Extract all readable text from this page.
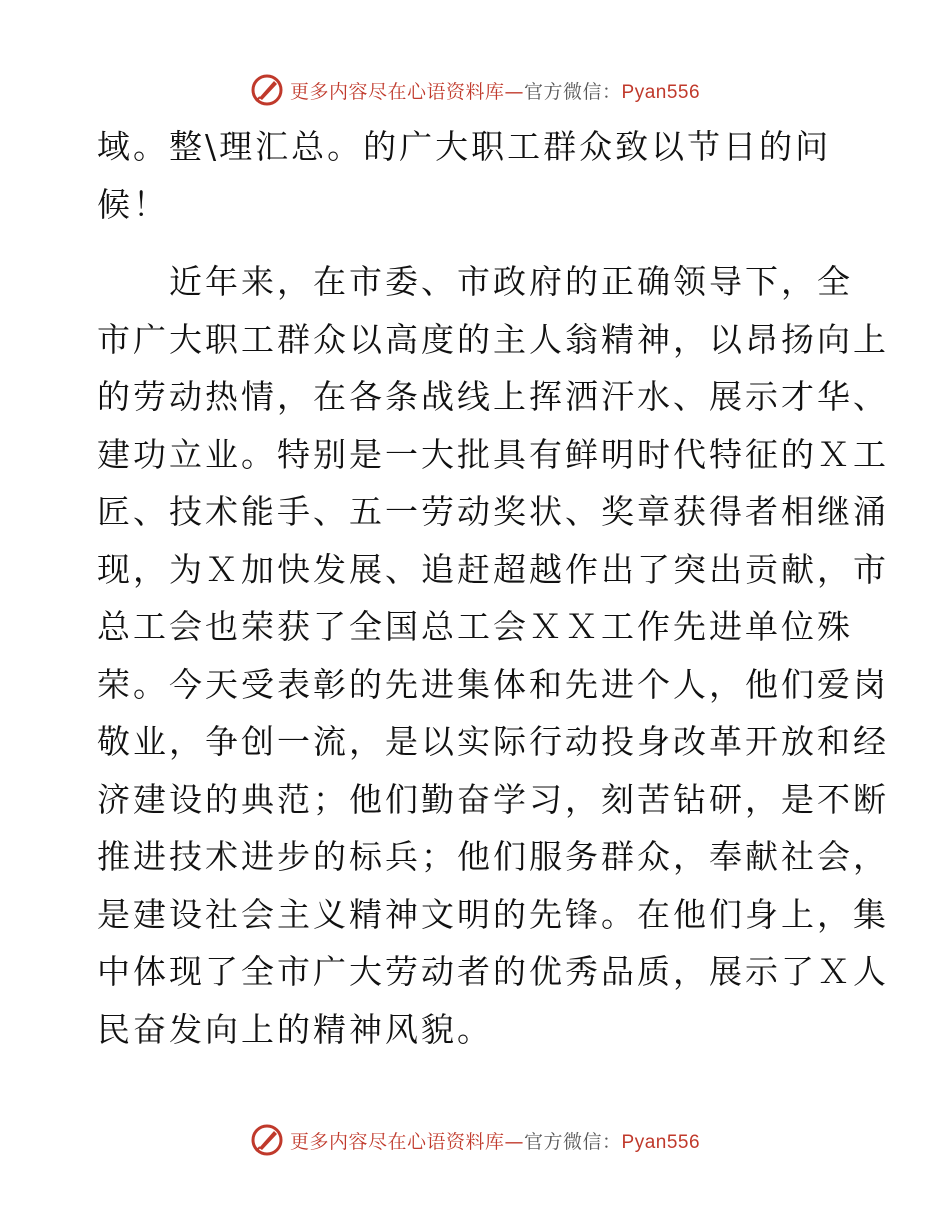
更多内容尽在心语资料库—官方微信：Pyan556
域。整\理汇总。的广大职工群众致以节日的问
候！
　　近年来，在市委、市政府的正确领导下，全
市广大职工群众以高度的主人翁精神，以昂扬向上
的劳动热情，在各条战线上挥洒汗水、展示才华、
建功立业。特别是一大批具有鲜明时代特征的Ｘ工
匠、技术能手、五一劳动奖状、奖章获得者相继涌
现，为Ｘ加快发展、追赶超越作出了突出贡献，市
总工会也荣获了全国总工会ＸＸ工作先进单位殊
荣。今天受表彰的先进集体和先进个人，他们爱岗
敬业，争创一流，是以实际行动投身改革开放和经
济建设的典范；他们勤奋学习，刻苦钻研，是不断
推进技术进步的标兵；他们服务群众，奉献社会，
是建设社会主义精神文明的先锋。在他们身上，集
中体现了全市广大劳动者的优秀品质，展示了Ｘ人
民奋发向上的精神风貌。
更多内容尽在心语资料库—官方微信：Pyan556
